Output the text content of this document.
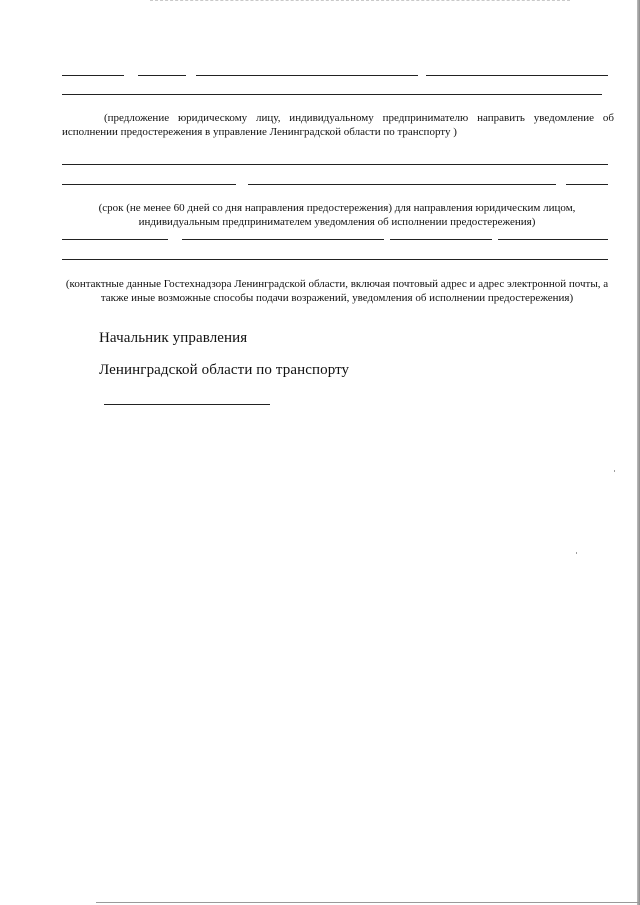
(предложение юридическому лицу, индивидуальному предпринимателю направить уведомление об исполнении предостережения в управление Ленинградской области по транспорту )

(срок (не менее 60 дней со дня направления предостережения) для направления юридическим лицом, индивидуальным предпринимателем уведомления об исполнении предостережения)

(контактные данные Гостехнадзора Ленинградской области, включая почтовый адрес и адрес электронной почты, а также иные возможные способы подачи возражений, уведомления об исполнении предостережения)

Начальник управления

Ленинградской области по транспорту
